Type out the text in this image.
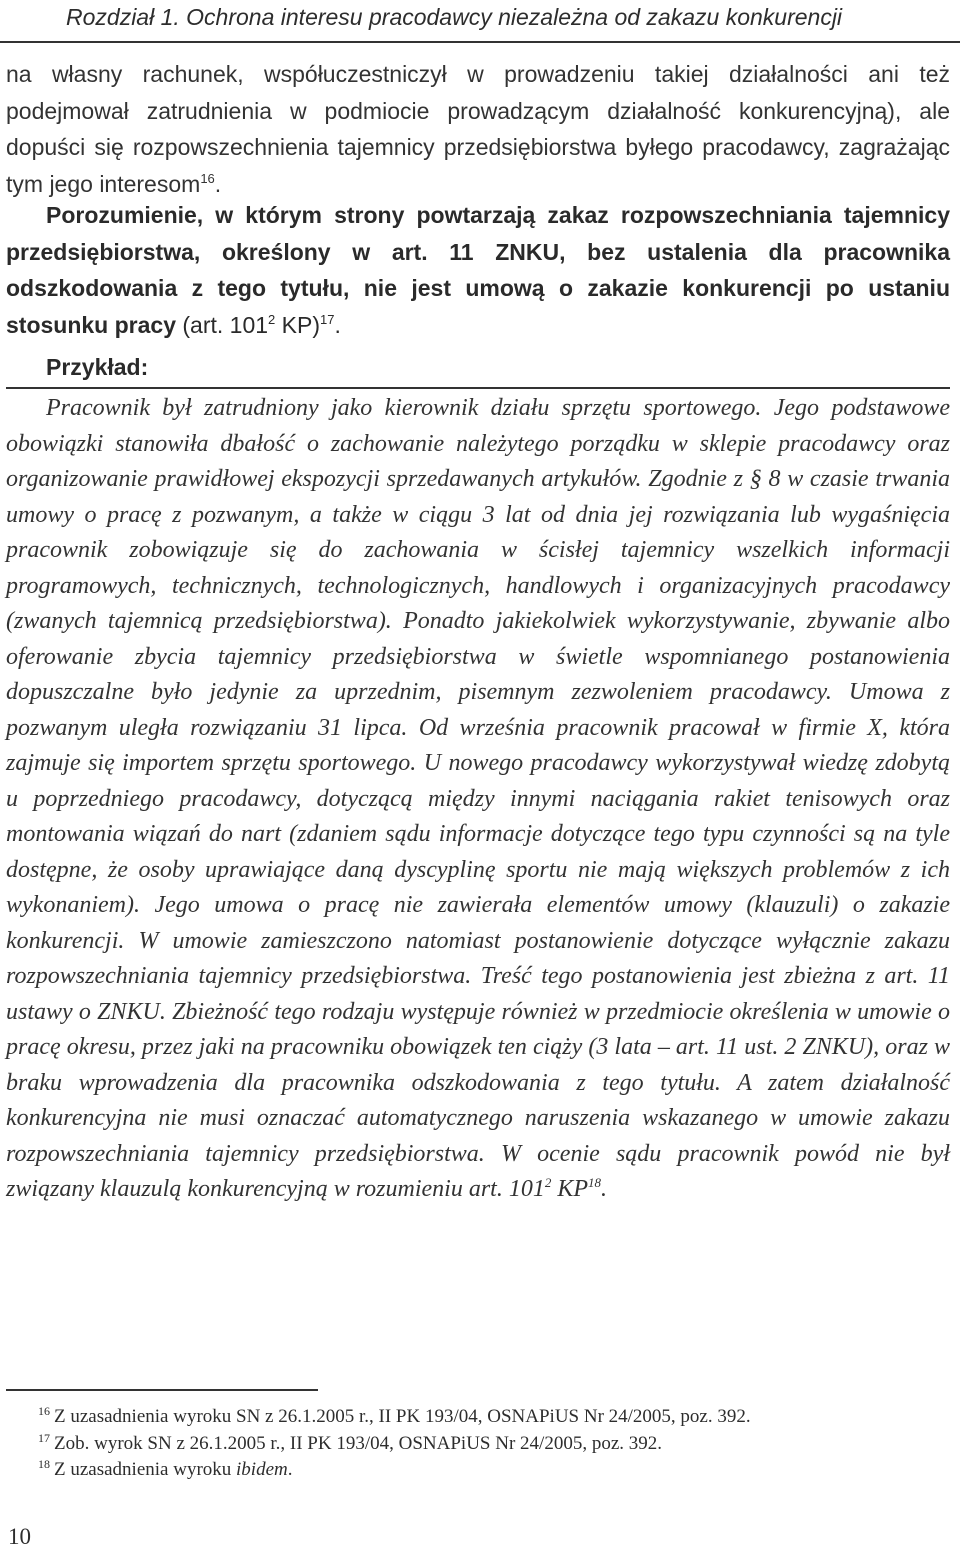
Rozdział 1. Ochrona interesu pracodawcy niezależna od zakazu konkurencji

na własny rachunek, współuczestniczył w prowadzeniu takiej działalności ani też podejmował zatrudnienia w podmiocie prowadzącym działalność konkurencyjną), ale dopuści się rozpowszechnienia tajemnicy przedsiębiorstwa byłego pracodawcy, zagrażając tym jego interesom$^{16}$.

Porozumienie, w którym strony powtarzają zakaz rozpowszechniania tajemnicy przedsiębiorstwa, określony w art. 11 ZNKU, bez ustalenia dla pracownika odszkodowania z tego tytułu, nie jest umową o zakazie konkurencji po ustaniu stosunku pracy (art. $101^2$ KP)$^{17}$.

Przykład:

Pracownik był zatrudniony jako kierownik działu sprzętu sportowego. Jego podstawowe obowiązki stanowiła dbałość o zachowanie należytego porządku w sklepie pracodawcy oraz organizowanie prawidłowej ekspozycji sprzedawanych artykułów. Zgodnie z § 8 w czasie trwania umowy o pracę z pozwanym, a także w ciągu 3 lat od dnia jej rozwiązania lub wygaśnięcia pracownik zobowiązuje się do zachowania w ścisłej tajemnicy wszelkich informacji programowych, technicznych, technologicznych, handlowych i organizacyjnych pracodawcy (zwanych tajemnicą przedsiębiorstwa). Ponadto jakiekolwiek wykorzystywanie, zbywanie albo oferowanie zbycia tajemnicy przedsiębiorstwa w świetle wspomnianego postanowienia dopuszczalne było jedynie za uprzednim, pisemnym zezwoleniem pracodawcy. Umowa z pozwanym uległa rozwiązaniu 31 lipca. Od września pracownik pracował w firmie X, która zajmuje się importem sprzętu sportowego. U nowego pracodawcy wykorzystywał wiedzę zdobytą u poprzedniego pracodawcy, dotyczącą między innymi naciągania rakiet tenisowych oraz montowania wiązań do nart (zdaniem sądu informacje dotyczące tego typu czynności są na tyle dostępne, że osoby uprawiające daną dyscyplinę sportu nie mają większych problemów z ich wykonaniem). Jego umowa o pracę nie zawierała elementów umowy (klauzuli) o zakazie konkurencji. W umowie zamieszczono natomiast postanowienie dotyczące wyłącznie zakazu rozpowszechniania tajemnicy przedsiębiorstwa. Treść tego postanowienia jest zbieżna z art. 11 ustawy o ZNKU. Zbieżność tego rodzaju występuje również w przedmiocie określenia w umowie o pracę okresu, przez jaki na pracowniku obowiązek ten ciąży (3 lata – art. 11 ust. 2 ZNKU), oraz w braku wprowadzenia dla pracownika odszkodowania z tego tytułu. A zatem działalność konkurencyjna nie musi oznaczać automatycznego naruszenia wskazanego w umowie zakazu rozpowszechniania tajemnicy przedsiębiorstwa. W ocenie sądu pracownik powód nie był związany klauzulą konkurencyjną w rozumieniu art. $101^2$ KP$^{18}$.

$^{16}$ Z uzasadnienia wyroku SN z 26.1.2005 r., II PK 193/04, OSNAPiUS Nr 24/2005, poz. 392.
$^{17}$ Zob. wyrok SN z 26.1.2005 r., II PK 193/04, OSNAPiUS Nr 24/2005, poz. 392.
$^{18}$ Z uzasadnienia wyroku ibidem.
10
